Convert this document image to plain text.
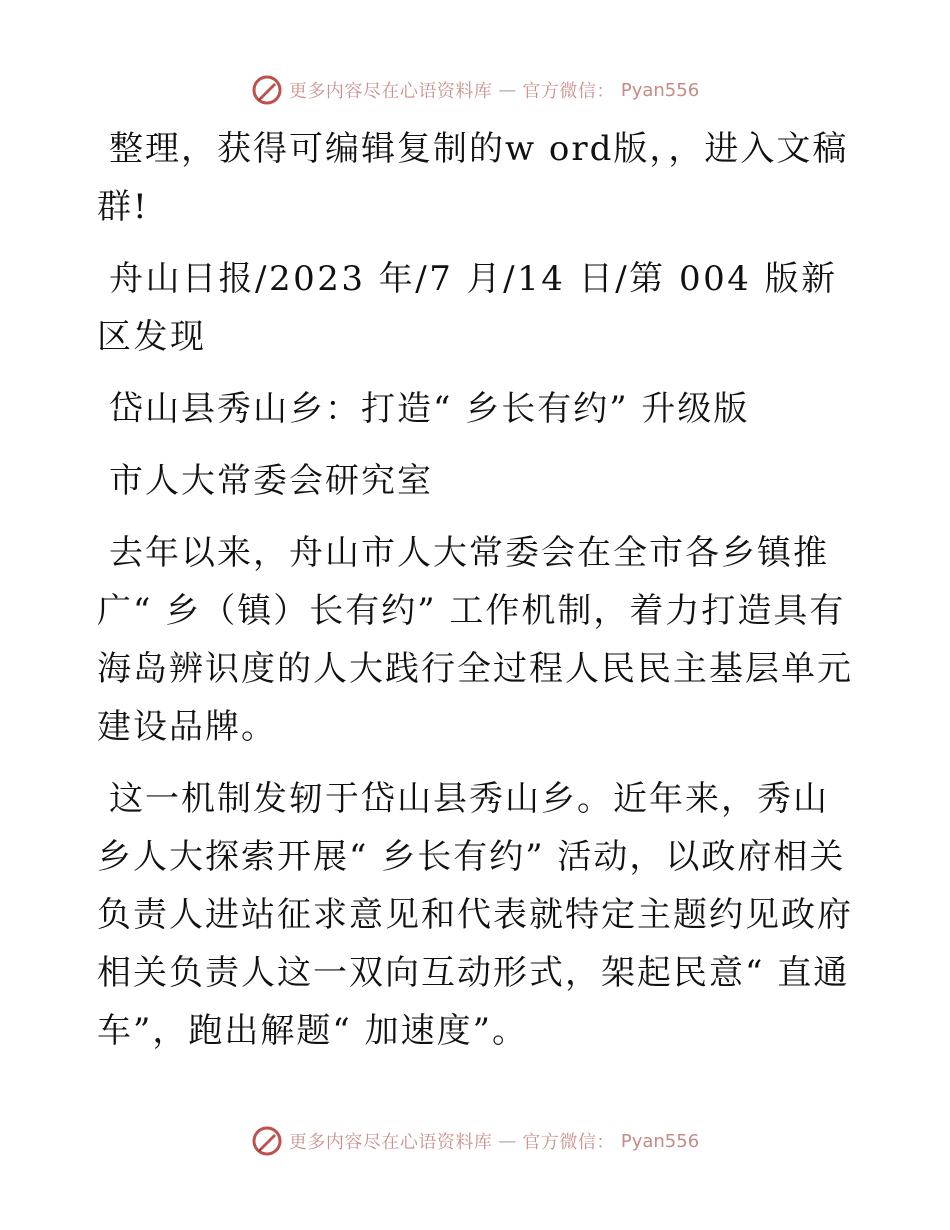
更多内容尽在心语资料库 — 官方微信： Pyan556

整理，获得可编辑复制的w ord版，，进入文稿群!

舟山日报/2023 年/7 月/14 日/第 004 版新区发现

岱山县秀山乡：打造“ 乡长有约” 升级版

市人大常委会研究室

去年以来，舟山市人大常委会在全市各乡镇推广“ 乡（镇）长有约” 工作机制，着力打造具有海岛辨识度的人大践行全过程人民民主基层单元建设品牌。

这一机制发轫于岱山县秀山乡。近年来，秀山乡人大探索开展“ 乡长有约” 活动，以政府相关负责人进站征求意见和代表就特定主题约见政府相关负责人这一双向互动形式，架起民意“ 直通车”，跑出解题“ 加速度”。

更多内容尽在心语资料库 — 官方微信： Pyan556
